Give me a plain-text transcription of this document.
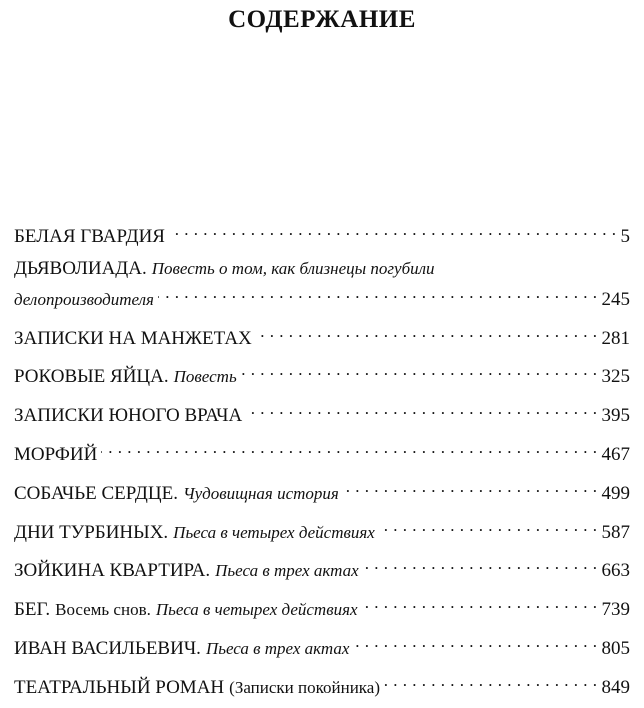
СОДЕРЖАНИЕ
БЕЛАЯ ГВАРДИЯ . . .	5
ДЬЯВОЛИАДА. Повесть о том, как близнецы погубили
делопроизводителя . . .	245
ЗАПИСКИ НА МАНЖЕТАХ . . .	281
РОКОВЫЕ ЯЙЦА. Повесть . . .	325
ЗАПИСКИ ЮНОГО ВРАЧА . . .	395
МОРФИЙ . . .	467
СОБАЧЬЕ СЕРДЦЕ. Чудовищная история . . .	499
ДНИ ТУРБИНЫХ. Пьеса в четырех действиях . . .	587
ЗОЙКИНА КВАРТИРА. Пьеса в трех актах . . .	663
БЕГ. Восемь снов. Пьеса в четырех действиях . . .	739
ИВАН ВАСИЛЬЕВИЧ. Пьеса в трех актах . . .	805
ТЕАТРАЛЬНЫЙ РОМАН (Записки покойника) . . .	849
